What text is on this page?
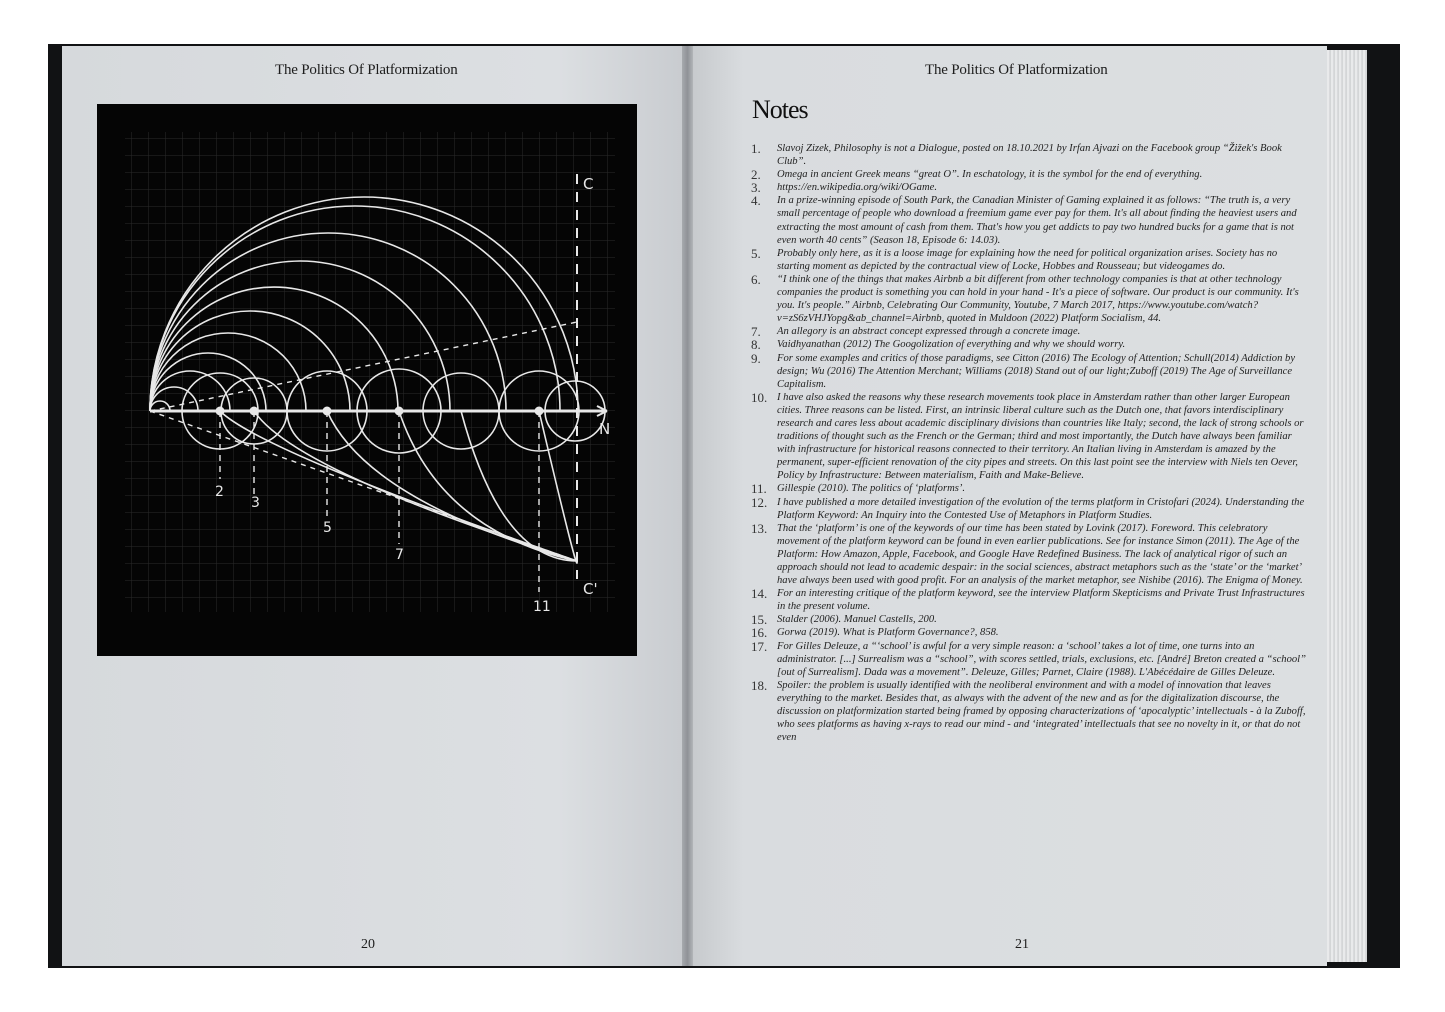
The Politics Of Platformization
C
N
2
3
5
7
11
C'
20
The Politics Of Platformization
Notes
1. Slavoj Zizek, Philosophy is not a Dialogue, posted on 18.10.2021 by Irfan Ajvazi on the Facebook group “Žižek's Book Club”.
2. Omega in ancient Greek means “great O”. In eschatology, it is the symbol for the end of everything.
3. https://en.wikipedia.org/wiki/OGame.
4. In a prize-winning episode of South Park, the Canadian Minister of Gaming explained it as follows: “The truth is, a very small percentage of people who download a freemium game ever pay for them. It's all about finding the heaviest users and extracting the most amount of cash from them. That's how you get addicts to pay two hundred bucks for a game that is not even worth 40 cents” (Season 18, Episode 6: 14.03).
5. Probably only here, as it is a loose image for explaining how the need for political organization arises. Society has no starting moment as depicted by the contractual view of Locke, Hobbes and Rousseau; but videogames do.
6. “I think one of the things that makes Airbnb a bit different from other technology companies is that at other technology companies the product is something you can hold in your hand - It's a piece of software. Our product is our community. It's you. It's people.” Airbnb, Celebrating Our Community, Youtube, 7 March 2017, https://www.youtube.com/watch?v=zS6zVHJYopg&ab_channel=Airbnb, quoted in Muldoon (2022) Platform Socialism, 44.
7. An allegory is an abstract concept expressed through a concrete image.
8. Vaidhyanathan (2012) The Googolization of everything and why we should worry.
9. For some examples and critics of those paradigms, see Citton (2016) The Ecology of Attention; Schull(2014) Addiction by design; Wu (2016) The Attention Merchant; Williams (2018) Stand out of our light;Zuboff (2019) The Age of Surveillance Capitalism.
10. I have also asked the reasons why these research movements took place in Amsterdam rather than other larger European cities. Three reasons can be listed. First, an intrinsic liberal culture such as the Dutch one, that favors interdisciplinary research and cares less about academic disciplinary divisions than countries like Italy; second, the lack of strong schools or traditions of thought such as the French or the German; third and most importantly, the Dutch have always been familiar with infrastructure for historical reasons connected to their territory. An Italian living in Amsterdam is amazed by the permanent, super-efficient renovation of the city pipes and streets. On this last point see the interview with Niels ten Oever, Policy by Infrastructure: Between materialism, Faith and Make-Believe.
11. Gillespie (2010). The politics of ‘platforms’.
12. I have published a more detailed investigation of the evolution of the terms platform in Cristofari (2024). Understanding the Platform Keyword: An Inquiry into the Contested Use of Metaphors in Platform Studies.
13. That the ‘platform’ is one of the keywords of our time has been stated by Lovink (2017). Foreword. This celebratory movement of the platform keyword can be found in even earlier publications. See for instance Simon (2011). The Age of the Platform: How Amazon, Apple, Facebook, and Google Have Redefined Business. The lack of analytical rigor of such an approach should not lead to academic despair: in the social sciences, abstract metaphors such as the ‘state’ or the ‘market’ have always been used with good profit. For an analysis of the market metaphor, see Nishibe (2016). The Enigma of Money.
14. For an interesting critique of the platform keyword, see the interview Platform Skepticisms and Private Trust Infrastructures in the present volume.
15. Stalder (2006). Manuel Castells, 200.
16. Gorwa (2019). What is Platform Governance?, 858.
17. For Gilles Deleuze, a “‘school’ is awful for a very simple reason: a ‘school’ takes a lot of time, one turns into an administrator. [...] Surrealism was a “school”, with scores settled, trials, exclusions, etc. [André] Breton created a “school” [out of Surrealism]. Dada was a movement”. Deleuze, Gilles; Parnet, Claire (1988). L'Abécédaire de Gilles Deleuze.
18. Spoiler: the problem is usually identified with the neoliberal environment and with a model of innovation that leaves everything to the market. Besides that, as always with the advent of the new and as for the digitalization discourse, the discussion on platformization started being framed by opposing characterizations of ‘apocalyptic’ intellectuals - à la Zuboff, who sees platforms as having x-rays to read our mind - and ‘integrated’ intellectuals that see no novelty in it, or that do not even
21
